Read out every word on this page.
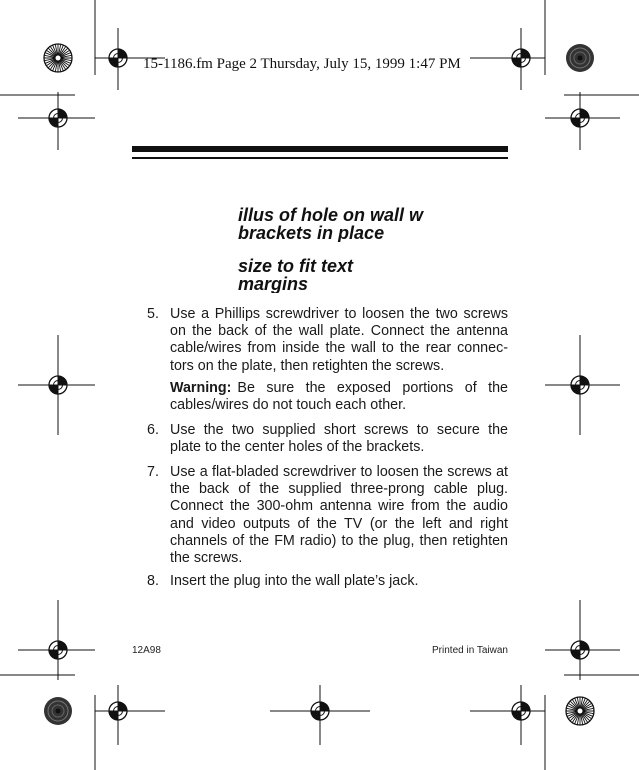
15-1186.fm Page 2 Thursday, July 15, 1999 1:47 PM
illus of hole on wall w
brackets in place
size to fit text
margins
5. Use a Phillips screwdriver to loosen the two screws on the back of the wall plate. Connect the antenna cable/wires from inside the wall to the rear connec-tors on the plate, then retighten the screws.
Warning: Be sure the exposed portions of the cables/wires do not touch each other.
6. Use the two supplied short screws to secure the plate to the center holes of the brackets.
7. Use a flat-bladed screwdriver to loosen the screws at the back of the supplied three-prong cable plug. Connect the 300-ohm antenna wire from the audio and video outputs of the TV (or the left and right channels of the FM radio) to the plug, then retighten the screws.
8. Insert the plug into the wall plate’s jack.
12A98	Printed in Taiwan
